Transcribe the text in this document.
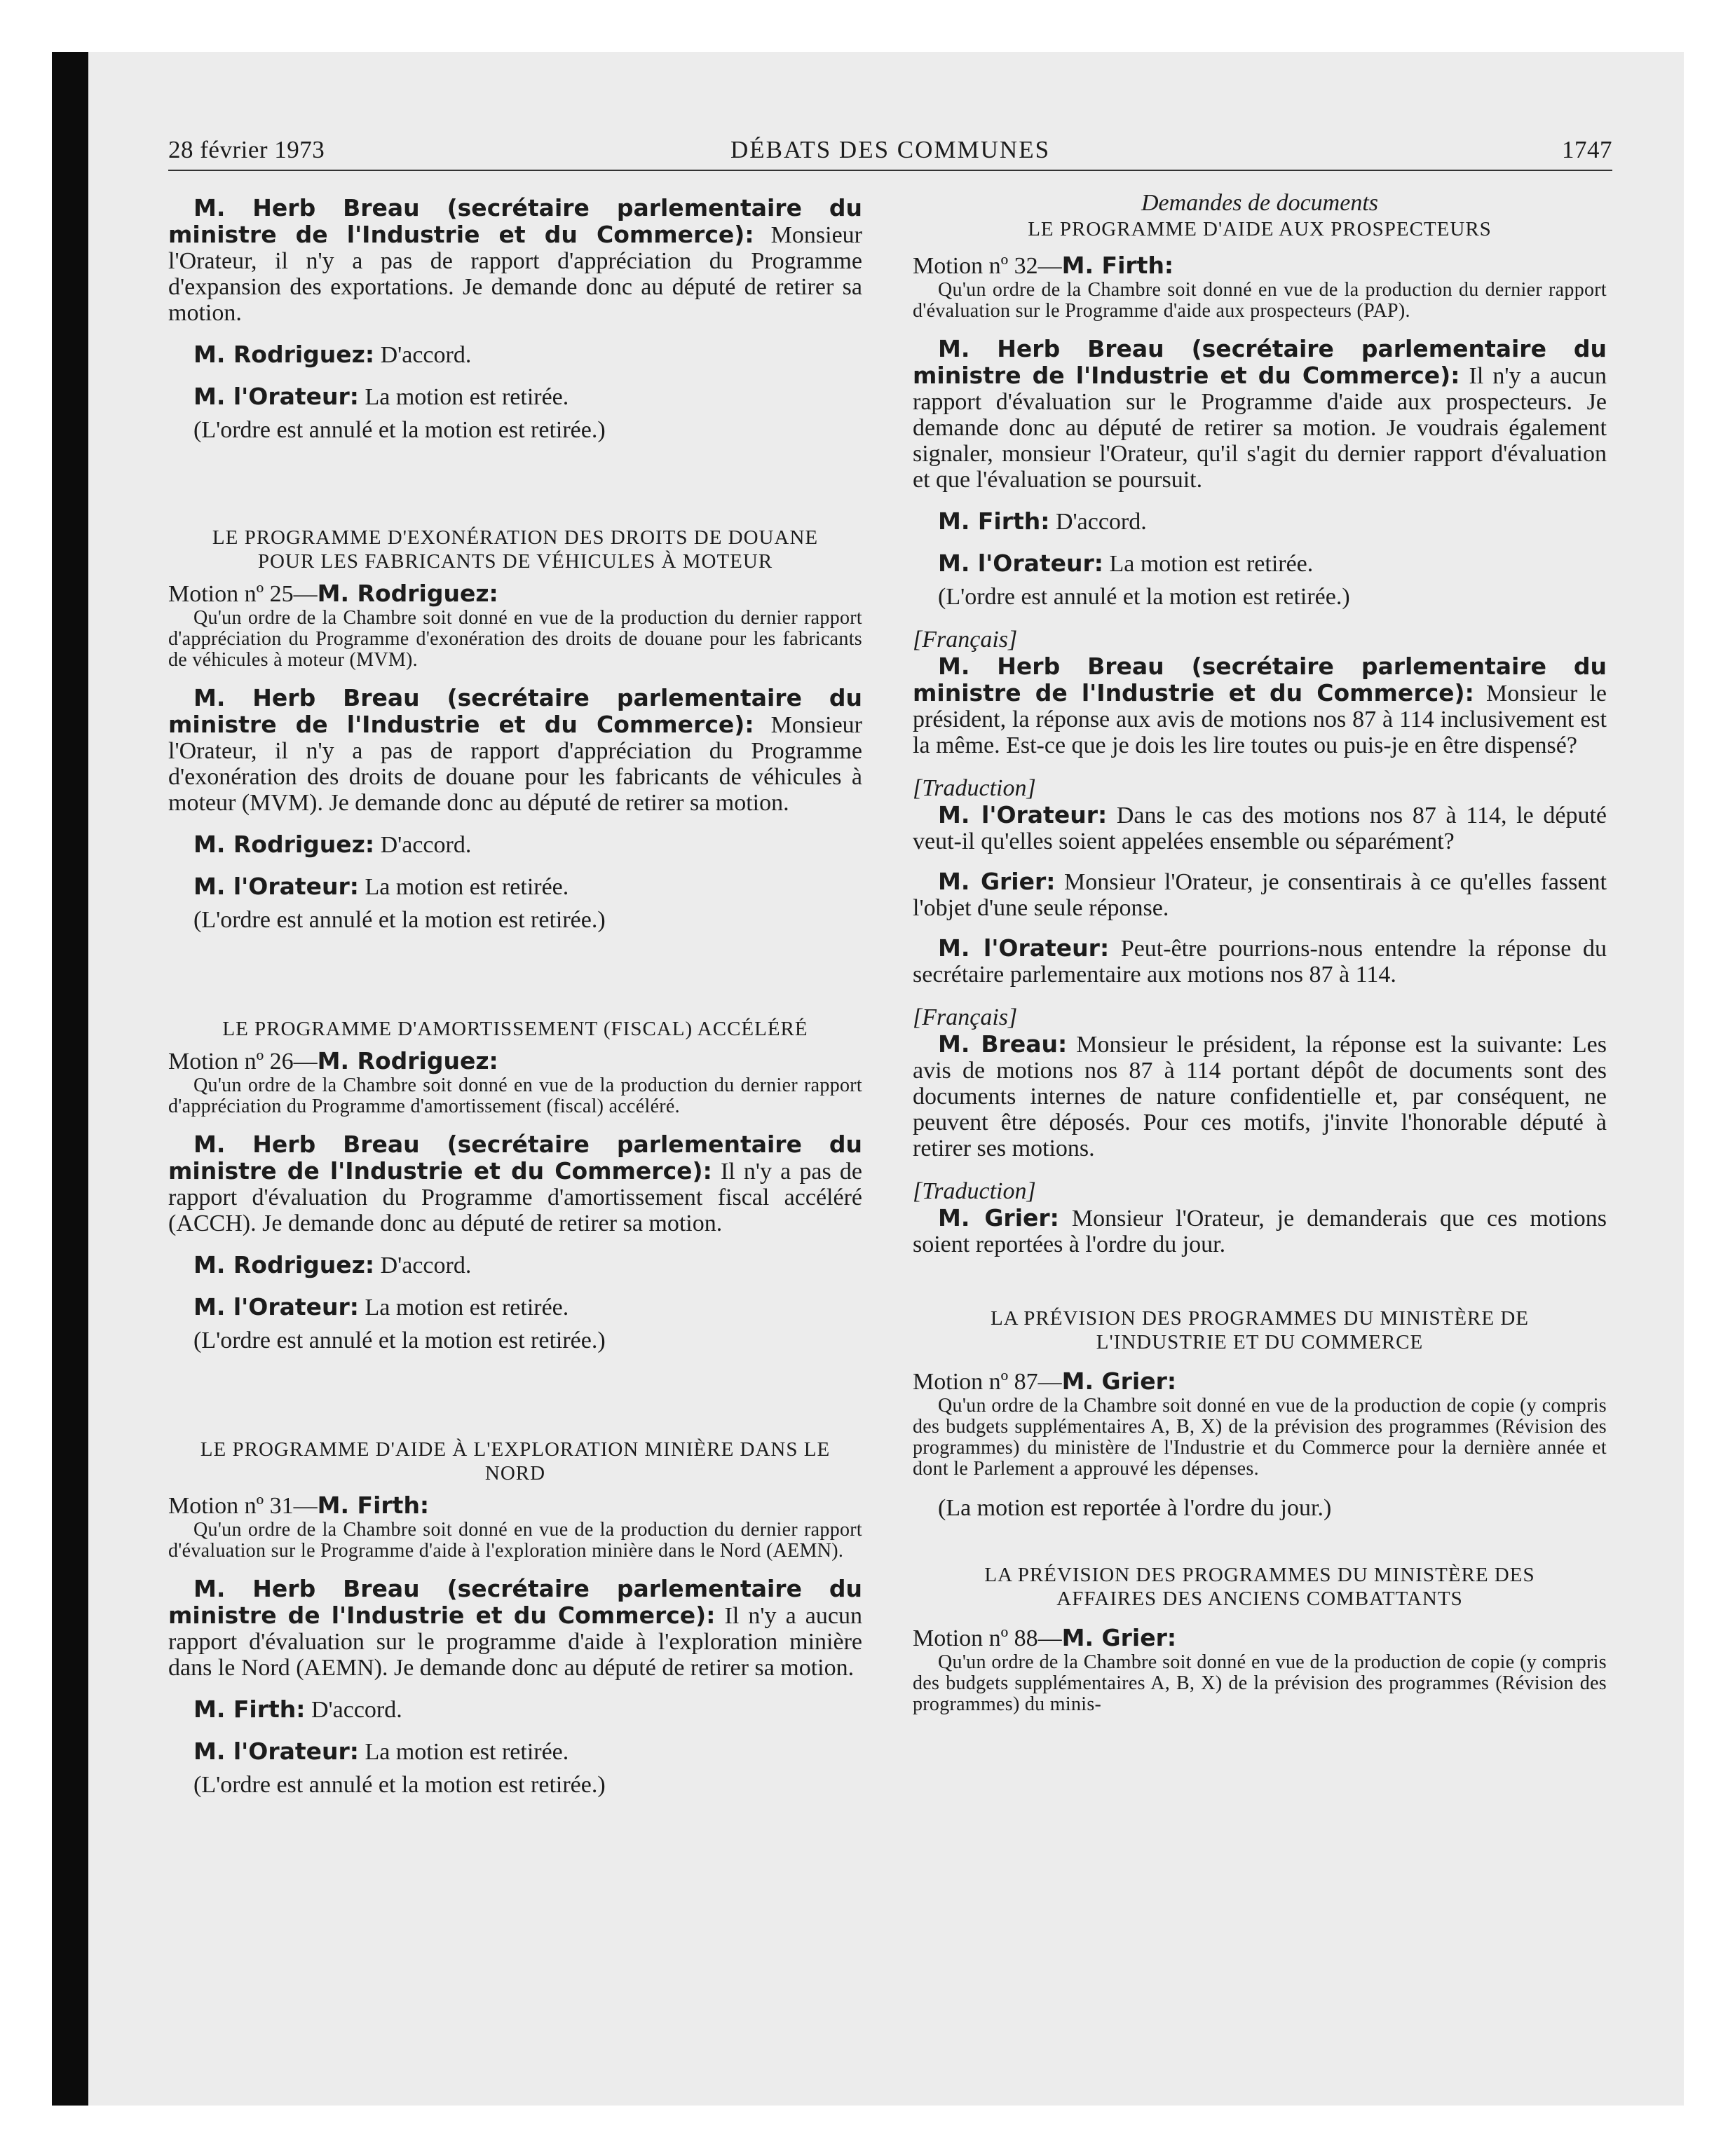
28 février 1973	DÉBATS DES COMMUNES	1747

M. Herb Breau (secrétaire parlementaire du ministre de l'Industrie et du Commerce): Monsieur l'Orateur, il n'y a pas de rapport d'appréciation du Programme d'expansion des exportations. Je demande donc au député de retirer sa motion.

M. Rodriguez: D'accord.

M. l'Orateur: La motion est retirée.

(L'ordre est annulé et la motion est retirée.)

LE PROGRAMME D'EXONÉRATION DES DROITS DE DOUANE POUR LES FABRICANTS DE VÉHICULES À MOTEUR

Motion nº 25—M. Rodriguez:

Qu'un ordre de la Chambre soit donné en vue de la production du dernier rapport d'appréciation du Programme d'exonération des droits de douane pour les fabricants de véhicules à moteur (MVM).

M. Herb Breau (secrétaire parlementaire du ministre de l'Industrie et du Commerce): Monsieur l'Orateur, il n'y a pas de rapport d'appréciation du Programme d'exonération des droits de douane pour les fabricants de véhicules à moteur (MVM). Je demande donc au député de retirer sa motion.

M. Rodriguez: D'accord.

M. l'Orateur: La motion est retirée.

(L'ordre est annulé et la motion est retirée.)

LE PROGRAMME D'AMORTISSEMENT (FISCAL) ACCÉLÉRÉ

Motion nº 26—M. Rodriguez:

Qu'un ordre de la Chambre soit donné en vue de la production du dernier rapport d'appréciation du Programme d'amortissement (fiscal) accéléré.

M. Herb Breau (secrétaire parlementaire du ministre de l'Industrie et du Commerce): Il n'y a pas de rapport d'évaluation du Programme d'amortissement fiscal accéléré (ACCH). Je demande donc au député de retirer sa motion.

M. Rodriguez: D'accord.

M. l'Orateur: La motion est retirée.

(L'ordre est annulé et la motion est retirée.)

LE PROGRAMME D'AIDE À L'EXPLORATION MINIÈRE DANS LE NORD

Motion nº 31—M. Firth:

Qu'un ordre de la Chambre soit donné en vue de la production du dernier rapport d'évaluation sur le Programme d'aide à l'exploration minière dans le Nord (AEMN).

M. Herb Breau (secrétaire parlementaire du ministre de l'Industrie et du Commerce): Il n'y a aucun rapport d'évaluation sur le programme d'aide à l'exploration minière dans le Nord (AEMN). Je demande donc au député de retirer sa motion.

M. Firth: D'accord.

M. l'Orateur: La motion est retirée.

(L'ordre est annulé et la motion est retirée.)

Demandes de documents

LE PROGRAMME D'AIDE AUX PROSPECTEURS

Motion nº 32—M. Firth:

Qu'un ordre de la Chambre soit donné en vue de la production du dernier rapport d'évaluation sur le Programme d'aide aux prospecteurs (PAP).

M. Herb Breau (secrétaire parlementaire du ministre de l'Industrie et du Commerce): Il n'y a aucun rapport d'évaluation sur le Programme d'aide aux prospecteurs. Je demande donc au député de retirer sa motion. Je voudrais également signaler, monsieur l'Orateur, qu'il s'agit du dernier rapport d'évaluation et que l'évaluation se poursuit.

M. Firth: D'accord.

M. l'Orateur: La motion est retirée.

(L'ordre est annulé et la motion est retirée.)

[Français]

M. Herb Breau (secrétaire parlementaire du ministre de l'Industrie et du Commerce): Monsieur le président, la réponse aux avis de motions nos 87 à 114 inclusivement est la même. Est-ce que je dois les lire toutes ou puis-je en être dispensé?

[Traduction]

M. l'Orateur: Dans le cas des motions nos 87 à 114, le député veut-il qu'elles soient appelées ensemble ou séparément?

M. Grier: Monsieur l'Orateur, je consentirais à ce qu'elles fassent l'objet d'une seule réponse.

M. l'Orateur: Peut-être pourrions-nous entendre la réponse du secrétaire parlementaire aux motions nos 87 à 114.

[Français]

M. Breau: Monsieur le président, la réponse est la suivante: Les avis de motions nos 87 à 114 portant dépôt de documents sont des documents internes de nature confidentielle et, par conséquent, ne peuvent être déposés. Pour ces motifs, j'invite l'honorable député à retirer ses motions.

[Traduction]

M. Grier: Monsieur l'Orateur, je demanderais que ces motions soient reportées à l'ordre du jour.

LA PRÉVISION DES PROGRAMMES DU MINISTÈRE DE L'INDUSTRIE ET DU COMMERCE

Motion nº 87—M. Grier:

Qu'un ordre de la Chambre soit donné en vue de la production de copie (y compris des budgets supplémentaires A, B, X) de la prévision des programmes (Révision des programmes) du ministère de l'Industrie et du Commerce pour la dernière année et dont le Parlement a approuvé les dépenses.

(La motion est reportée à l'ordre du jour.)

LA PRÉVISION DES PROGRAMMES DU MINISTÈRE DES AFFAIRES DES ANCIENS COMBATTANTS

Motion nº 88—M. Grier:

Qu'un ordre de la Chambre soit donné en vue de la production de copie (y compris des budgets supplémentaires A, B, X) de la prévision des programmes (Révision des programmes) du minis-
